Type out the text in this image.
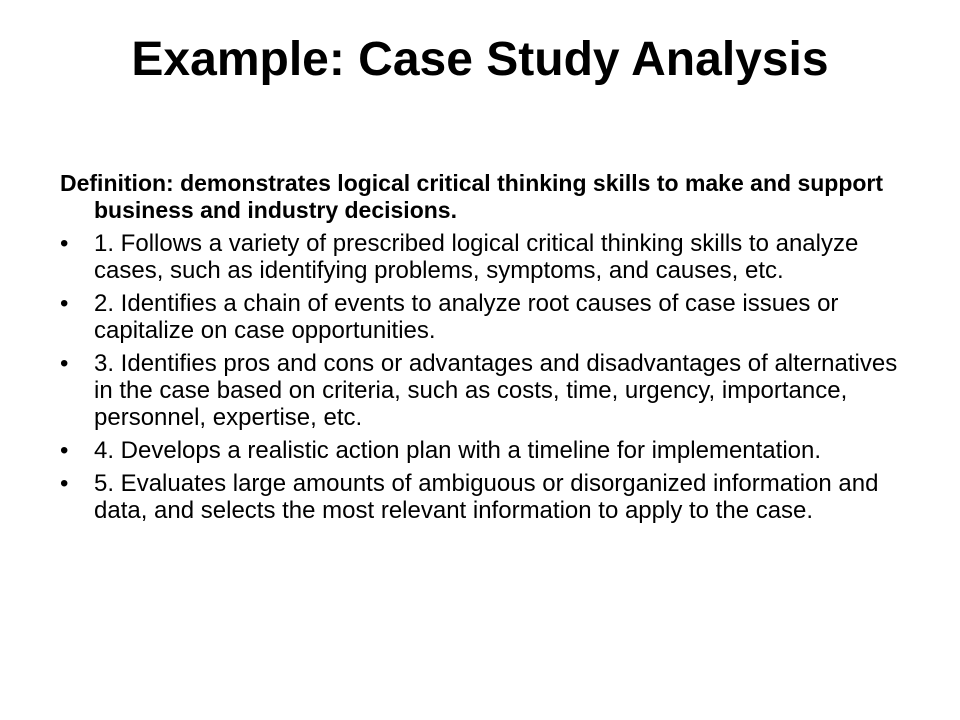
Example: Case Study Analysis

Definition: demonstrates logical critical thinking skills to make and support business and industry decisions.

•	1. Follows a variety of prescribed logical critical thinking skills to analyze cases, such as identifying problems, symptoms, and causes, etc.
•	2. Identifies a chain of events to analyze root causes of case issues or capitalize on case opportunities.
•	3. Identifies pros and cons or advantages and disadvantages of alternatives in the case based on criteria, such as costs, time, urgency, importance, personnel, expertise, etc.
•	4. Develops a realistic action plan with a timeline for implementation.
•	5. Evaluates large amounts of ambiguous or disorganized information and data, and selects the most relevant information to apply to the case.
